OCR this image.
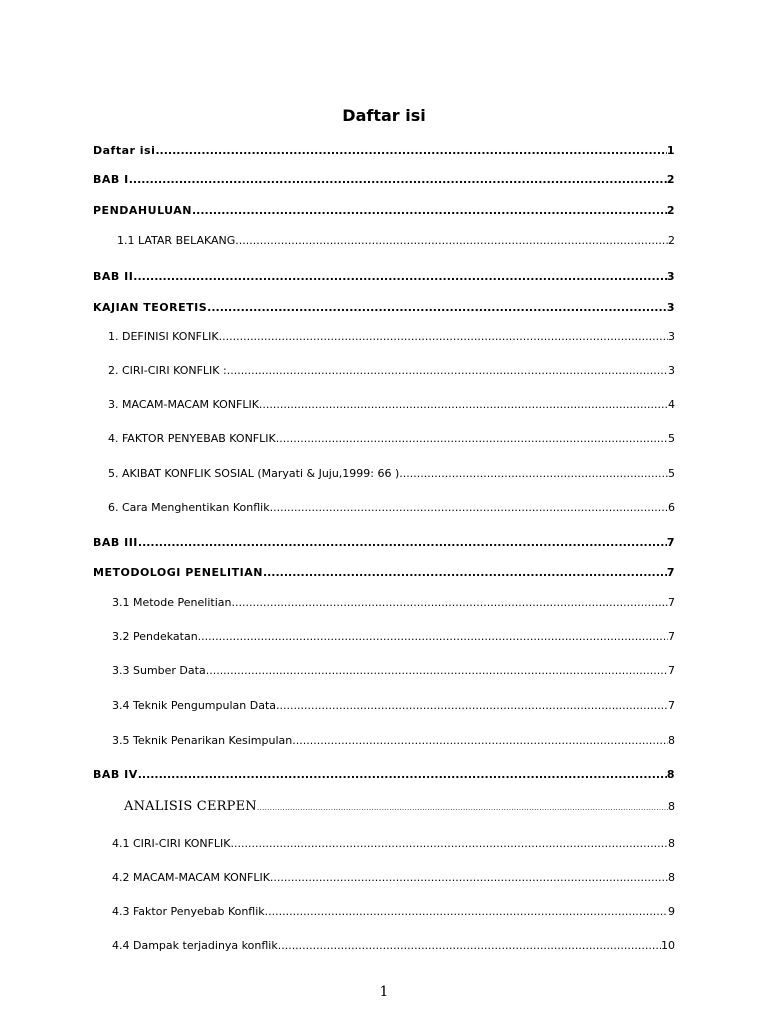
Daftar isi
Daftar isi .....	1
BAB I .....	2
PENDAHULUAN .....	2
1.1 LATAR BELAKANG .....	2
BAB II .....	3
KAJIAN TEORETIS .....	3
1. DEFINISI KONFLIK .....	3
2. CIRI-CIRI KONFLIK : .....	3
3. MACAM-MACAM KONFLIK .....	4
4. FAKTOR PENYEBAB KONFLIK .....	5
5. AKIBAT KONFLIK SOSIAL (Maryati & Juju,1999: 66 ) .....	5
6. Cara Menghentikan Konflik .....	6
BAB III .....	7
METODOLOGI PENELITIAN .....	7
3.1 Metode Penelitian .....	7
3.2 Pendekatan .....	7
3.3 Sumber Data .....	7
3.4 Teknik Pengumpulan Data .....	7
3.5 Teknik Penarikan Kesimpulan .....	8
BAB IV .....	8
ANALISIS CERPEN .....	8
4.1 CIRI-CIRI KONFLIK .....	8
4.2 MACAM-MACAM KONFLIK .....	8
4.3 Faktor Penyebab Konflik .....	9
4.4 Dampak terjadinya konflik .....	10
1
